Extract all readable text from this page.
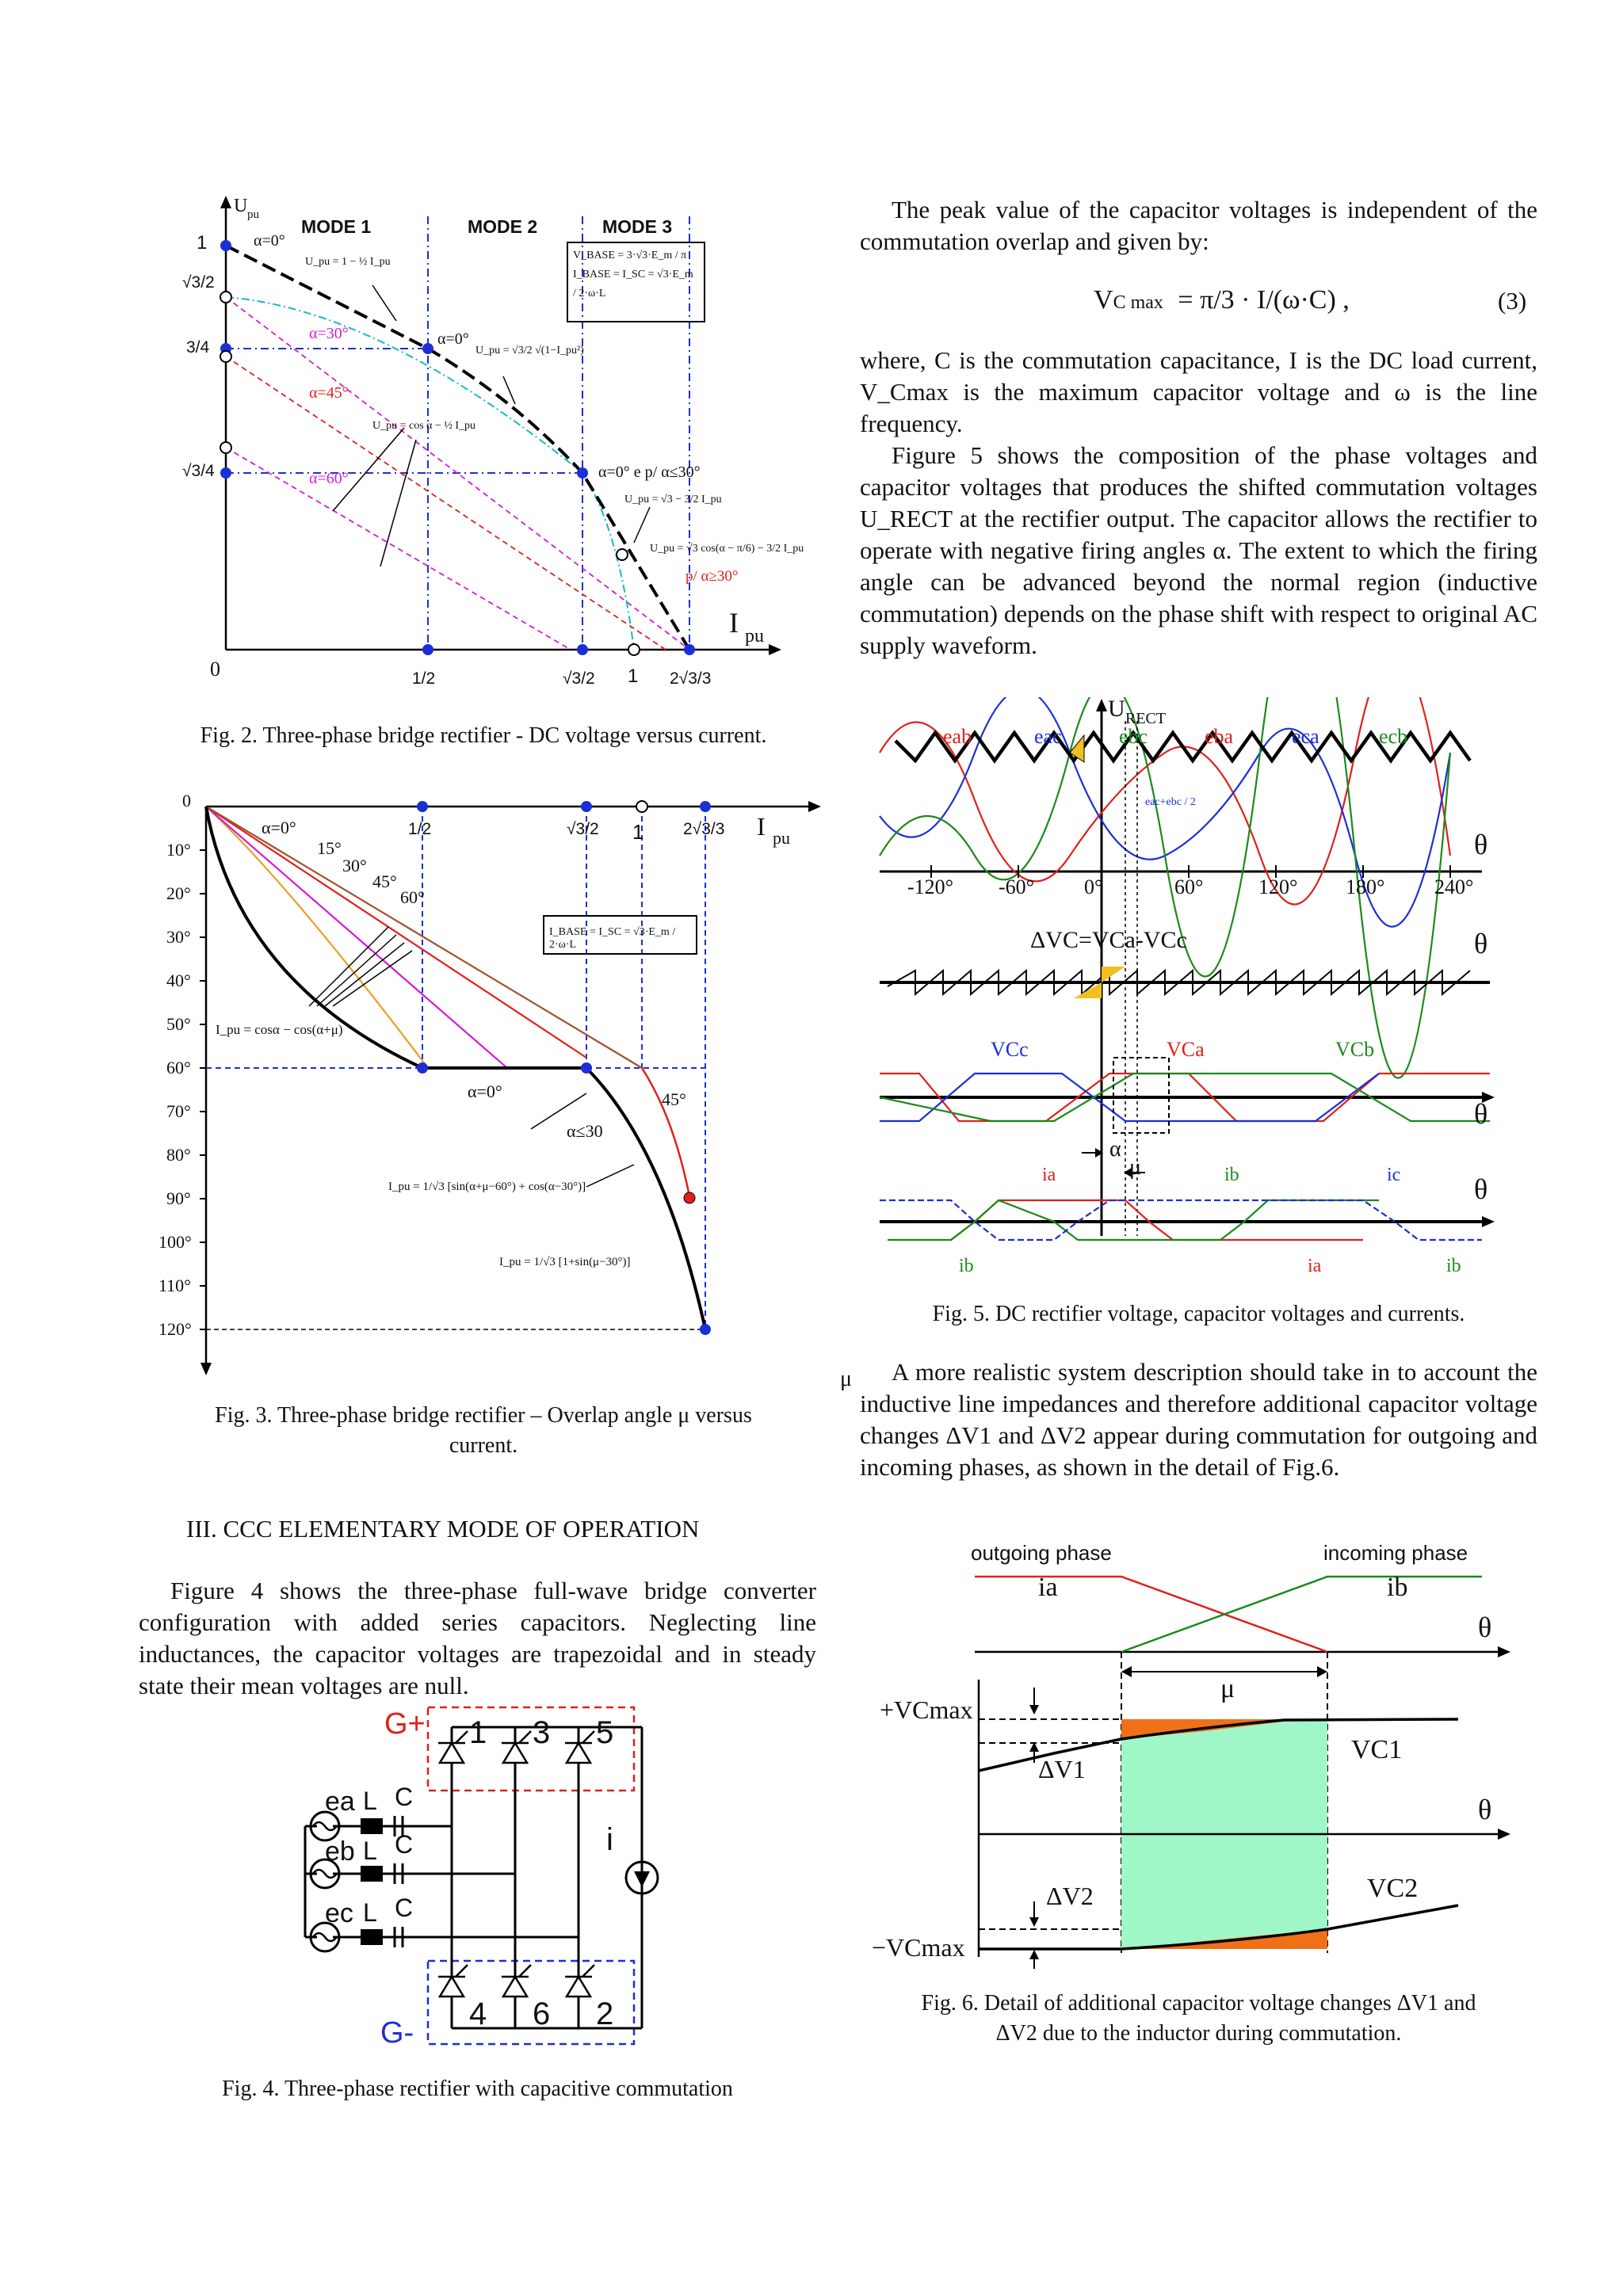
U pu
I pu
0
MODE 1	MODE 2	MODE 3
1
√3/2
3/4
√3/4
1/2	√3/2 1 2√3/3
α=0°
α=30°
α=45°
α=60°
α=0°
α=0° e p/ α≤30°
p/ α≥30°
V_BASE = 3·√3·E_m / π
I_BASE = I_SC = √3·E_m / 2·ω·L
U_pu = 1 − ½ I_pu
U_pu = √3/2 √(1−I_pu²)
U_pu = cos α − ½ I_pu
U_pu = √3 − 3/2 I_pu
U_pu = √3 cos(α − π/6) − 3/2 I_pu
Fig. 2. Three-phase bridge rectifier - DC voltage versus current.
I pu
μ
0
10°
20°
30°
40°
50°
60°
70°
80°
90°
100°
110°
120°
1/2	√3/2 1 2√3/3
α=0°
15°
30°
45°
60°
I_BASE = I_SC = √3·E_m / 2·ω·L
I_pu = cosα − cos(α+μ)
α=0°	45°
α≤30
I_pu = 1/√3 [sin(α+μ−60°) + cos(α−30°)]
I_pu = 1/√3 [1+sin(μ−30°)]
Fig. 3. Three-phase bridge rectifier – Overlap angle μ versus
current.
III. CCC ELEMENTARY MODE OF OPERATION

Figure 4 shows the three-phase full-wave bridge converter configuration with added series capacitors. Neglecting line inductances, the capacitor voltages are trapezoidal and in steady state their mean voltages are null.

G+
G-
1 3 5
4 6 2
ea
eb
ec
L
L
L
C
C
C
i
Fig. 4. Three-phase rectifier with capacitive commutation

The peak value of the capacitor voltages is independent of the commutation overlap and given by:

VC max = π/3 · I/(ω·C) ,	(3)
where, C is the commutation capacitance, I is the DC load current, V_Cmax is the maximum capacitor voltage and ω is the line frequency.

Figure 5 shows the composition of the phase voltages and capacitor voltages that produces the shifted commutation voltages U_RECT at the rectifier output. The capacitor allows the rectifier to operate with negative firing angles α. The extent to which the firing angle can be advanced beyond the normal region (inductive commutation) depends on the phase shift with respect to original AC supply waveform.

U RECT
eab	eac	ebc	eba	eca	ecb
eac+ebc / 2
θ
-120° -60° 0°	60°	120° 180° 240°
ΔVC=VCa-VCc	θ
VCc	VCa	VCb
θ
α
μ
ia	ib	ic	θ
ib	ia	ib
Fig. 5. DC rectifier voltage, capacitor voltages and currents.

A more realistic system description should take in to account the inductive line impedances and therefore additional capacitor voltage changes ΔV1 and ΔV2 appear during commutation for outgoing and incoming phases, as shown in the detail of Fig.6.

outgoing phase	incoming phase
ia	ib
θ
μ
+VCmax
ΔV1
VC1
θ
ΔV2	VC2
−VCmax
Fig. 6. Detail of additional capacitor voltage changes ΔV1 and
ΔV2 due to the inductor during commutation.
